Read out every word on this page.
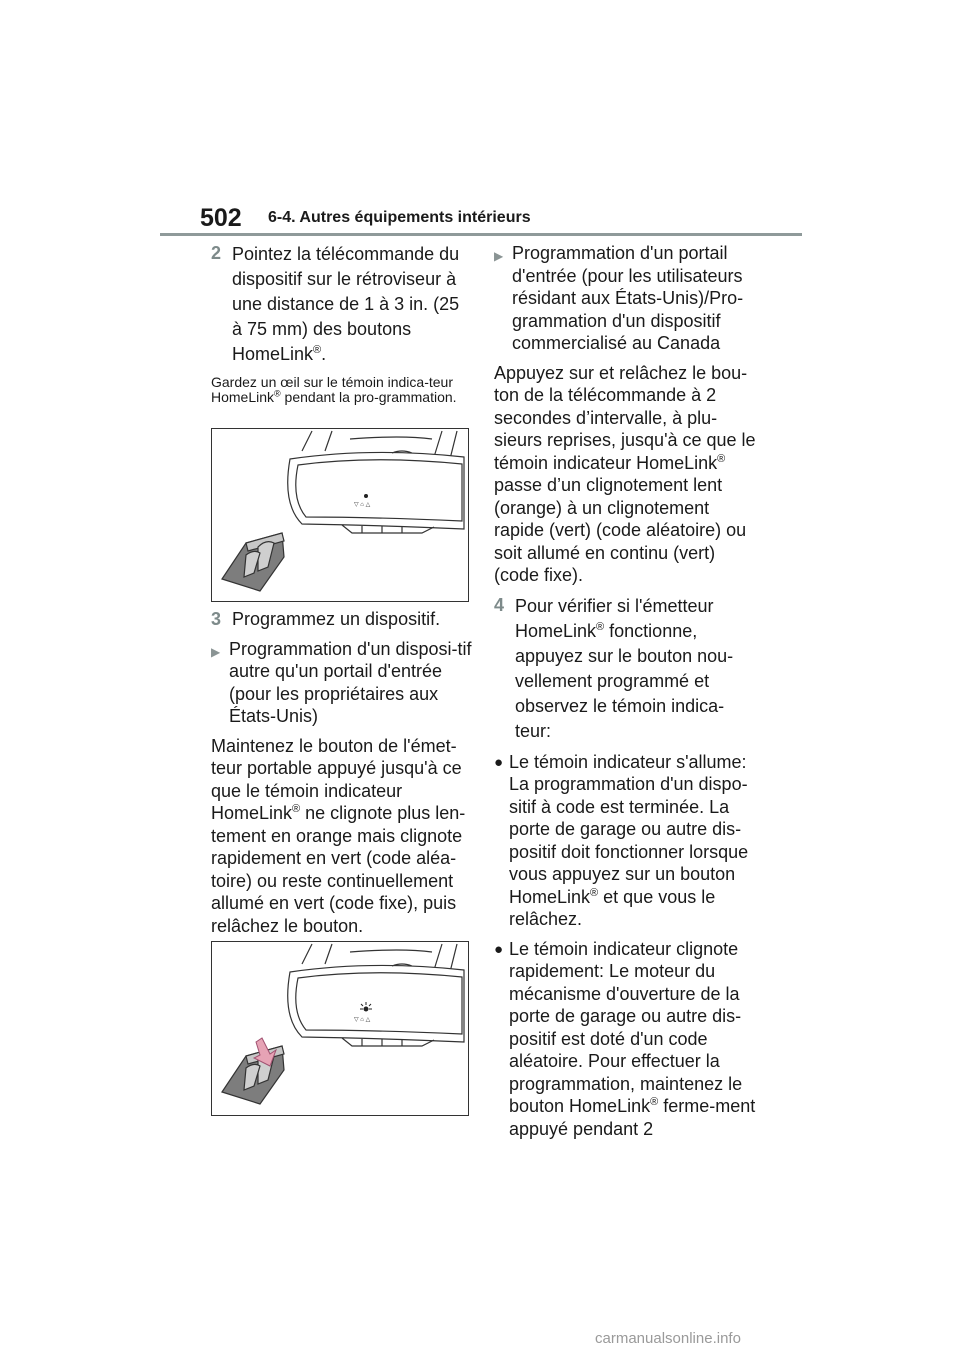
502 6-4. Autres équipements intérieurs
2 Pointez la télécommande du dispositif sur le rétroviseur à une distance de 1 à 3 in. (25 à 75 mm) des boutons HomeLink®.
Gardez un œil sur le témoin indica-teur HomeLink® pendant la pro-grammation.
3 Programmez un dispositif.
▶ Programmation d'un disposi-tif autre qu'un portail d'entrée (pour les propriétaires aux États-Unis)
Maintenez le bouton de l'émet-teur portable appuyé jusqu'à ce que le témoin indicateur HomeLink® ne clignote plus len-tement en orange mais clignote rapidement en vert (code aléa-toire) ou reste continuellement allumé en vert (code fixe), puis relâchez le bouton.
▽ ⌂ △
▽ ⌂ △
▶ Programmation d'un portail d'entrée (pour les utilisateurs résidant aux États-Unis)/Pro-grammation d'un dispositif commercialisé au Canada
Appuyez sur et relâchez le bou-ton de la télécommande à 2 secondes d’intervalle, à plu-sieurs reprises, jusqu'à ce que le témoin indicateur HomeLink® passe d’un clignotement lent (orange) à un clignotement rapide (vert) (code aléatoire) ou soit allumé en continu (vert) (code fixe).
4 Pour vérifier si l'émetteur HomeLink® fonctionne, appuyez sur le bouton nou-vellement programmé et observez le témoin indica-teur:
● Le témoin indicateur s'allume: La programmation d'un dispo-sitif à code est terminée. La porte de garage ou autre dis-positif doit fonctionner lorsque vous appuyez sur un bouton HomeLink® et que vous le relâchez.
● Le témoin indicateur clignote rapidement: Le moteur du mécanisme d'ouverture de la porte de garage ou autre dis-positif est doté d'un code aléatoire. Pour effectuer la programmation, maintenez le bouton HomeLink® ferme-ment appuyé pendant 2
carmanualsonline.info
